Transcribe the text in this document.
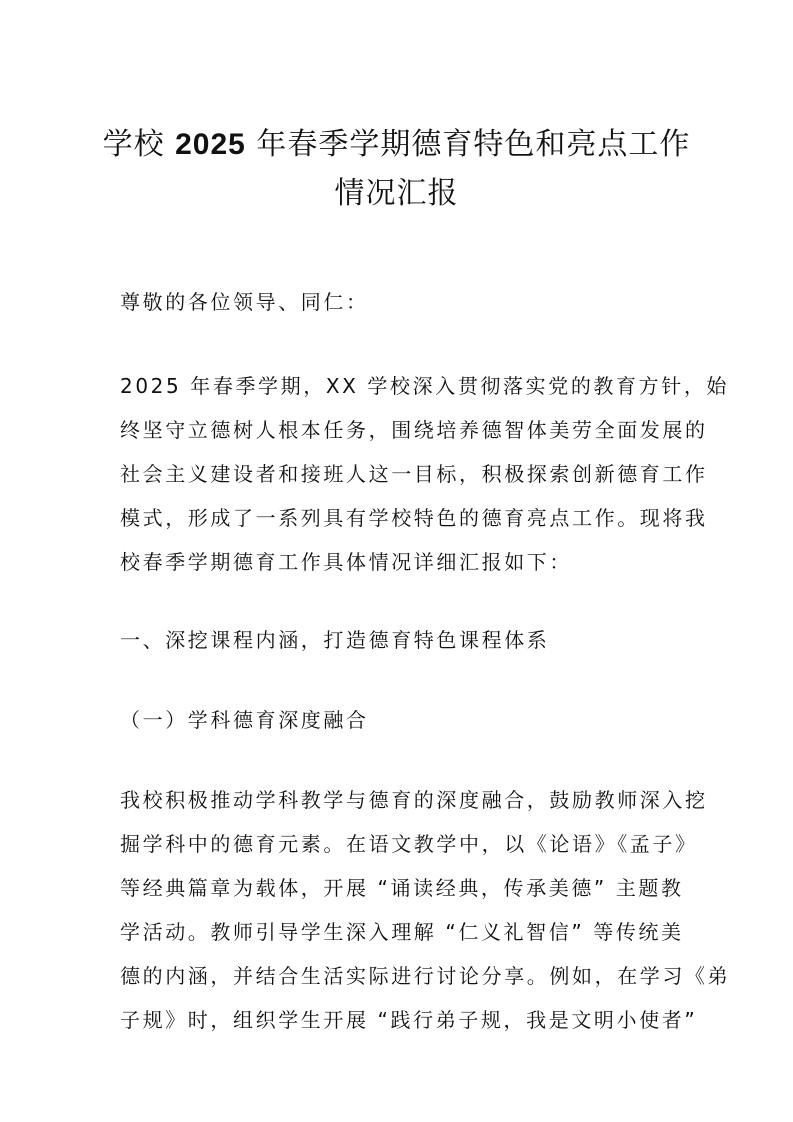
学校 2025 年春季学期德育特色和亮点工作
情况汇报
尊敬的各位领导、同仁：
2025 年春季学期，XX 学校深入贯彻落实党的教育方针，始
终坚守立德树人根本任务，围绕培养德智体美劳全面发展的
社会主义建设者和接班人这一目标，积极探索创新德育工作
模式，形成了一系列具有学校特色的德育亮点工作。现将我
校春季学期德育工作具体情况详细汇报如下：
一、深挖课程内涵，打造德育特色课程体系
（一）学科德育深度融合
我校积极推动学科教学与德育的深度融合，鼓励教师深入挖
掘学科中的德育元素。在语文教学中，以《论语》《孟子》
等经典篇章为载体，开展 “诵读经典，传承美德” 主题教
学活动。教师引导学生深入理解 “仁义礼智信” 等传统美
德的内涵，并结合生活实际进行讨论分享。例如，在学习《弟
子规》时，组织学生开展 “践行弟子规，我是文明小使者”
